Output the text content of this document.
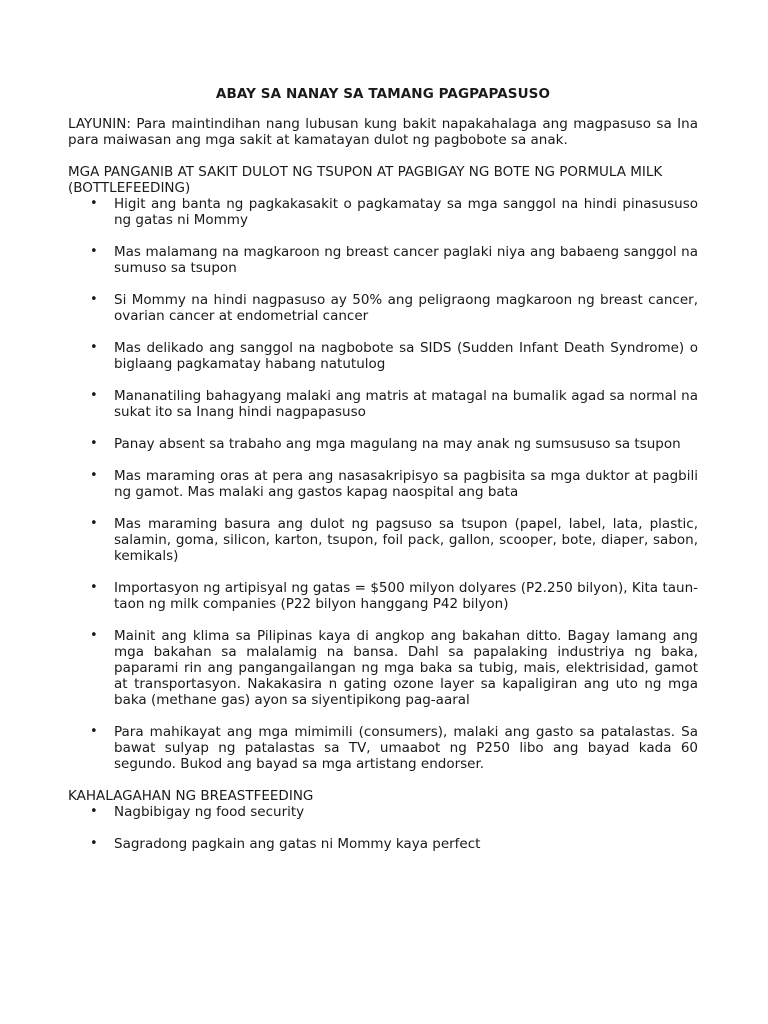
ABAY SA NANAY SA TAMANG PAGPAPASUSO
LAYUNIN: Para maintindihan nang lubusan kung bakit napakahalaga ang magpasuso sa Ina para maiwasan ang mga sakit at kamatayan dulot ng pagbobote sa anak.
MGA PANGANIB AT SAKIT DULOT NG TSUPON AT PAGBIGAY NG BOTE NG PORMULA MILK (BOTTLEFEEDING)
• Higit ang banta ng pagkakasakit o pagkamatay sa mga sanggol na hindi pinasususo ng gatas ni Mommy
• Mas malamang na magkaroon ng breast cancer paglaki niya ang babaeng sanggol na sumuso sa tsupon
• Si Mommy na hindi nagpasuso ay 50% ang peligraong magkaroon ng breast cancer, ovarian cancer at endometrial cancer
• Mas delikado ang sanggol na nagbobote sa SIDS (Sudden Infant Death Syndrome) o biglaang pagkamatay habang natutulog
• Mananatiling bahagyang malaki ang matris at matagal na bumalik agad sa normal na sukat ito sa Inang hindi nagpapasuso
• Panay absent sa trabaho ang mga magulang na may anak ng sumsususo sa tsupon
• Mas maraming oras at pera ang nasasakripisyo sa pagbisita sa mga duktor at pagbili ng gamot. Mas malaki ang gastos kapag naospital ang bata
• Mas maraming basura ang dulot ng pagsuso sa tsupon (papel, label, lata, plastic, salamin, goma, silicon, karton, tsupon, foil pack, gallon, scooper, bote, diaper, sabon, kemikals)
• Importasyon ng artipisyal ng gatas = $500 milyon dolyares (P2.250 bilyon), Kita taun-taon ng milk companies (P22 bilyon hanggang P42 bilyon)
• Mainit ang klima sa Pilipinas kaya di angkop ang bakahan ditto. Bagay lamang ang mga bakahan sa malalamig na bansa. Dahl sa papalaking industriya ng baka, paparami rin ang pangangailangan ng mga baka sa tubig, mais, elektrisidad, gamot at transportasyon. Nakakasira n gating ozone layer sa kapaligiran ang uto ng mga baka (methane gas) ayon sa siyentipikong pag-aaral
• Para mahikayat ang mga mimimili (consumers), malaki ang gasto sa patalastas. Sa bawat sulyap ng patalastas sa TV, umaabot ng P250 libo ang bayad kada 60 segundo. Bukod ang bayad sa mga artistang endorser.
KAHALAGAHAN NG BREASTFEEDING
• Nagbibigay ng food security
• Sagradong pagkain ang gatas ni Mommy kaya perfect
